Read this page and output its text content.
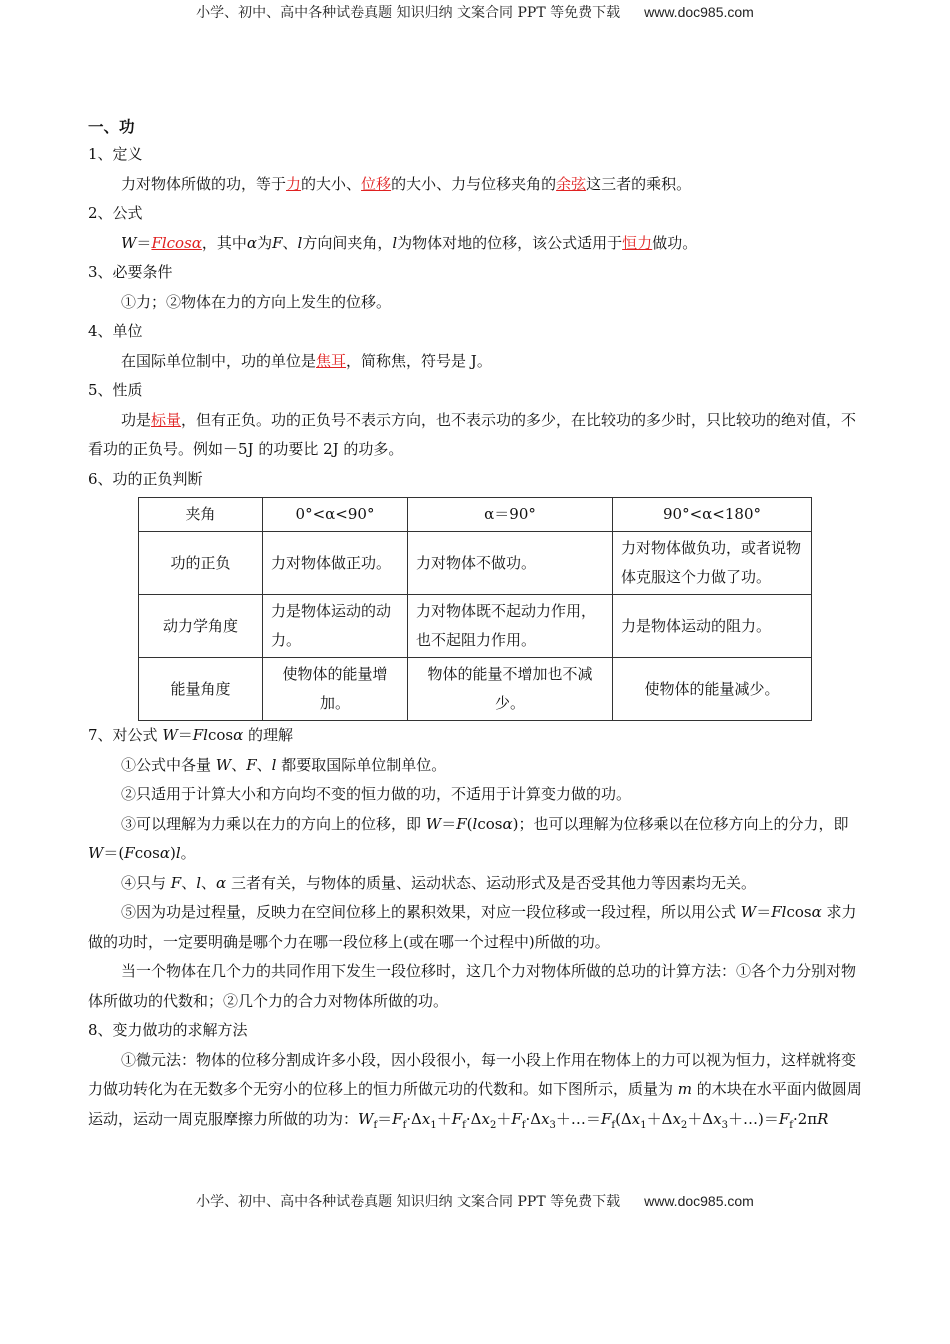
小学、初中、高中各种试卷真题 知识归纳 文案合同 PPT 等免费下载 www.doc985.com

一、功

1、定义

力对物体所做的功，等于力的大小、位移的大小、力与位移夹角的余弦这三者的乘积。

2、公式

W＝Flcosα，其中α为F、l方向间夹角，l为物体对地的位移，该公式适用于恒力做功。

3、必要条件

①力；②物体在力的方向上发生的位移。

4、单位

在国际单位制中，功的单位是焦耳，简称焦，符号是 J。

5、性质

功是标量，但有正负。功的正负号不表示方向，也不表示功的多少，在比较功的多少时，只比较功的绝对值，不看功的正负号。例如－5J 的功要比 2J 的功多。

6、功的正负判断

夹角	0°<α<90°	α＝90°	90°<α<180°
功的正负	力对物体做正功。	力对物体不做功。	力对物体做负功，或者说物体克服这个力做了功。
动力学角度	力是物体运动的动力。	力对物体既不起动力作用，也不起阻力作用。	力是物体运动的阻力。
能量角度	使物体的能量增加。	物体的能量不增加也不减少。	使物体的能量减少。

7、对公式 W＝Flcosα 的理解

①公式中各量 W、F、l 都要取国际单位制单位。

②只适用于计算大小和方向均不变的恒力做的功，不适用于计算变力做的功。

③可以理解为力乘以在力的方向上的位移，即 W＝F(lcosα)；也可以理解为位移乘以在位移方向上的分力，即 W＝(Fcosα)l。

④只与 F、l、α 三者有关，与物体的质量、运动状态、运动形式及是否受其他力等因素均无关。

⑤因为功是过程量，反映力在空间位移上的累积效果，对应一段位移或一段过程，所以用公式 W＝Flcosα 求力做的功时，一定要明确是哪个力在哪一段位移上(或在哪一个过程中)所做的功。

当一个物体在几个力的共同作用下发生一段位移时，这几个力对物体所做的总功的计算方法：①各个力分别对物体所做功的代数和；②几个力的合力对物体所做的功。

8、变力做功的求解方法

①微元法：物体的位移分割成许多小段，因小段很小，每一小段上作用在物体上的力可以视为恒力，这样就将变力做功转化为在无数多个无穷小的位移上的恒力所做元功的代数和。如下图所示，质量为 m 的木块在水平面内做圆周运动，运动一周克服摩擦力所做的功为：$W_f=F_f\cdot\Delta x_1+F_f\cdot\Delta x_2+F_f\cdot\Delta x_3+\dots=F_f(\Delta x_1+\Delta x_2+\Delta x_3+\dots)=F_f\cdot 2\pi R$

小学、初中、高中各种试卷真题 知识归纳 文案合同 PPT 等免费下载 www.doc985.com
